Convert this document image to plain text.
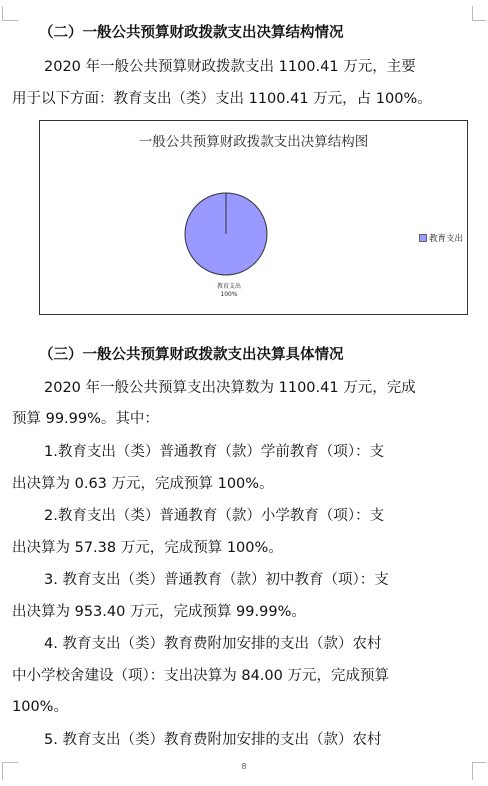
（二）一般公共预算财政拨款支出决算结构情况
2020 年一般公共预算财政拨款支出 1100.41 万元，主要
用于以下方面：教育支出（类）支出 1100.41 万元，占 100%。
一般公共预算财政拨款支出决算结构图
教育支出
100%
教育支出
（三）一般公共预算财政拨款支出决算具体情况
2020 年一般公共预算支出决算数为 1100.41 万元，完成
预算 99.99%。其中：
1.教育支出（类）普通教育（款）学前教育（项）：支
出决算为 0.63 万元，完成预算 100%。
2.教育支出（类）普通教育（款）小学教育（项）：支
出决算为 57.38 万元，完成预算 100%。
3. 教育支出（类）普通教育（款）初中教育（项）：支
出决算为 953.40 万元，完成预算 99.99%。
4. 教育支出（类）教育费附加安排的支出（款）农村
中小学校舍建设（项）：支出决算为 84.00 万元，完成预算
100%。
5. 教育支出（类）教育费附加安排的支出（款）农村
8
